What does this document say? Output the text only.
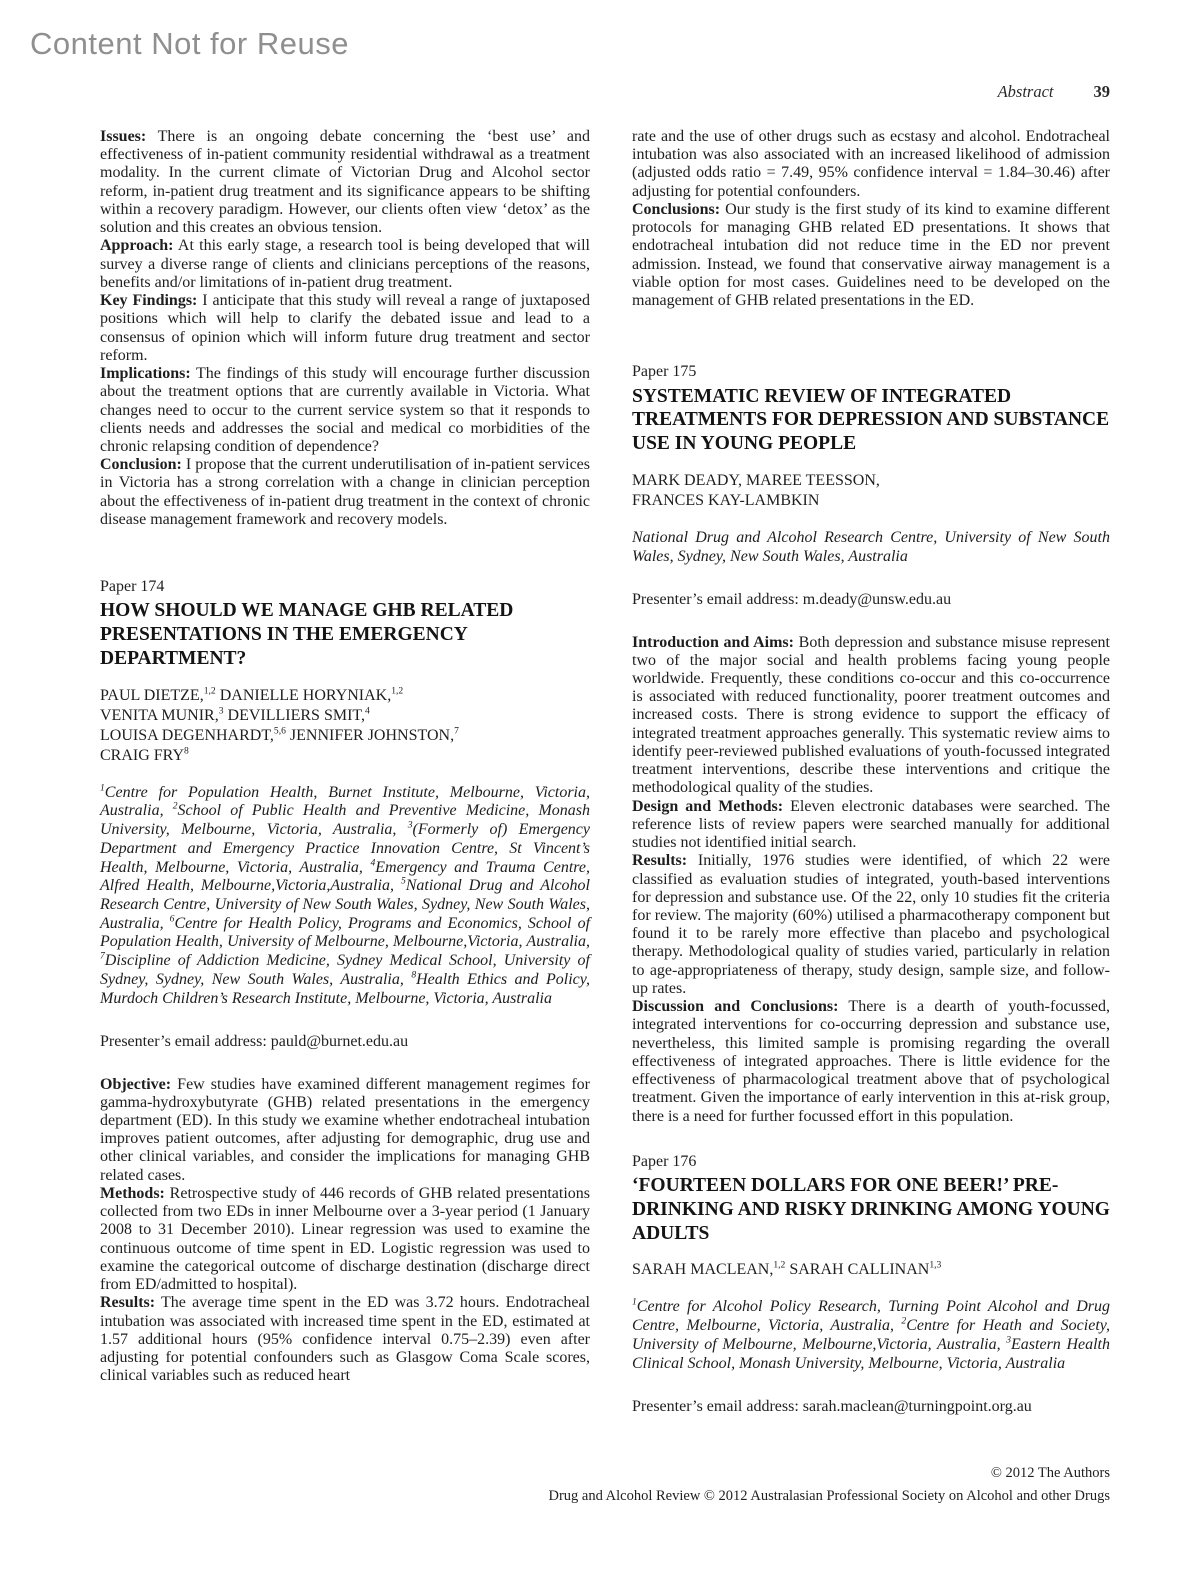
Content Not for Reuse
Abstract 39

Issues: There is an ongoing debate concerning the ‘best use’ and effectiveness of in-patient community residential withdrawal as a treatment modality. In the current climate of Victorian Drug and Alcohol sector reform, in-patient drug treatment and its significance appears to be shifting within a recovery paradigm. However, our clients often view ‘detox’ as the solution and this creates an obvious tension.

Approach: At this early stage, a research tool is being developed that will survey a diverse range of clients and clinicians perceptions of the reasons, benefits and/or limitations of in-patient drug treatment.

Key Findings: I anticipate that this study will reveal a range of juxtaposed positions which will help to clarify the debated issue and lead to a consensus of opinion which will inform future drug treatment and sector reform.

Implications: The findings of this study will encourage further discussion about the treatment options that are currently available in Victoria. What changes need to occur to the current service system so that it responds to clients needs and addresses the social and medical co morbidities of the chronic relapsing condition of dependence?

Conclusion: I propose that the current underutilisation of in-patient services in Victoria has a strong correlation with a change in clinician perception about the effectiveness of in-patient drug treatment in the context of chronic disease management framework and recovery models.

Paper 174

HOW SHOULD WE MANAGE GHB RELATED PRESENTATIONS IN THE EMERGENCY DEPARTMENT?

PAUL DIETZE,$^{1,2}$ DANIELLE HORYNIAK,$^{1,2}$

VENITA MUNIR,$^3$ DEVILLIERS SMIT,$^4$

LOUISA DEGENHARDT,$^{5,6}$ JENNIFER JOHNSTON,$^7$

CRAIG FRY$^8$

$^1$Centre for Population Health, Burnet Institute, Melbourne, Victoria, Australia, $^2$School of Public Health and Preventive Medicine, Monash University, Melbourne, Victoria, Australia, $^3$(Formerly of) Emergency Department and Emergency Practice Innovation Centre, St Vincent’s Health, Melbourne, Victoria, Australia, $^4$Emergency and Trauma Centre, Alfred Health, Melbourne,Victoria,Australia, $^5$National Drug and Alcohol Research Centre, University of New South Wales, Sydney, New South Wales, Australia, $^6$Centre for Health Policy, Programs and Economics, School of Population Health, University of Melbourne, Melbourne,Victoria, Australia, $^7$Discipline of Addiction Medicine, Sydney Medical School, University of Sydney, Sydney, New South Wales, Australia, $^8$Health Ethics and Policy, Murdoch Children’s Research Institute, Melbourne, Victoria, Australia

Presenter’s email address: pauld@burnet.edu.au

Objective: Few studies have examined different management regimes for gamma-hydroxybutyrate (GHB) related presentations in the emergency department (ED). In this study we examine whether endotracheal intubation improves patient outcomes, after adjusting for demographic, drug use and other clinical variables, and consider the implications for managing GHB related cases.

Methods: Retrospective study of 446 records of GHB related presentations collected from two EDs in inner Melbourne over a 3-year period (1 January 2008 to 31 December 2010). Linear regression was used to examine the continuous outcome of time spent in ED. Logistic regression was used to examine the categorical outcome of discharge destination (discharge direct from ED/admitted to hospital).

Results: The average time spent in the ED was 3.72 hours. Endotracheal intubation was associated with increased time spent in the ED, estimated at 1.57 additional hours (95% confidence interval 0.75–2.39) even after adjusting for potential confounders such as Glasgow Coma Scale scores, clinical variables such as reduced heart

rate and the use of other drugs such as ecstasy and alcohol. Endotracheal intubation was also associated with an increased likelihood of admission (adjusted odds ratio = 7.49, 95% confidence interval = 1.84–30.46) after adjusting for potential confounders.

Conclusions: Our study is the first study of its kind to examine different protocols for managing GHB related ED presentations. It shows that endotracheal intubation did not reduce time in the ED nor prevent admission. Instead, we found that conservative airway management is a viable option for most cases. Guidelines need to be developed on the management of GHB related presentations in the ED.

Paper 175

SYSTEMATIC REVIEW OF INTEGRATED TREATMENTS FOR DEPRESSION AND SUBSTANCE USE IN YOUNG PEOPLE

MARK DEADY, MAREE TEESSON,

FRANCES KAY-LAMBKIN

National Drug and Alcohol Research Centre, University of New South Wales, Sydney, New South Wales, Australia

Presenter’s email address: m.deady@unsw.edu.au

Introduction and Aims: Both depression and substance misuse represent two of the major social and health problems facing young people worldwide. Frequently, these conditions co-occur and this co-occurrence is associated with reduced functionality, poorer treatment outcomes and increased costs. There is strong evidence to support the efficacy of integrated treatment approaches generally. This systematic review aims to identify peer-reviewed published evaluations of youth-focussed integrated treatment interventions, describe these interventions and critique the methodological quality of the studies.

Design and Methods: Eleven electronic databases were searched. The reference lists of review papers were searched manually for additional studies not identified initial search.

Results: Initially, 1976 studies were identified, of which 22 were classified as evaluation studies of integrated, youth-based interventions for depression and substance use. Of the 22, only 10 studies fit the criteria for review. The majority (60%) utilised a pharmacotherapy component but found it to be rarely more effective than placebo and psychological therapy. Methodological quality of studies varied, particularly in relation to age-appropriateness of therapy, study design, sample size, and follow-up rates.

Discussion and Conclusions: There is a dearth of youth-focussed, integrated interventions for co-occurring depression and substance use, nevertheless, this limited sample is promising regarding the overall effectiveness of integrated approaches. There is little evidence for the effectiveness of pharmacological treatment above that of psychological treatment. Given the importance of early intervention in this at-risk group, there is a need for further focussed effort in this population.

Paper 176

‘FOURTEEN DOLLARS FOR ONE BEER!’ PRE-DRINKING AND RISKY DRINKING AMONG YOUNG ADULTS

SARAH MACLEAN,$^{1,2}$ SARAH CALLINAN$^{1,3}$

$^1$Centre for Alcohol Policy Research, Turning Point Alcohol and Drug Centre, Melbourne, Victoria, Australia, $^2$Centre for Heath and Society, University of Melbourne, Melbourne,Victoria, Australia, $^3$Eastern Health Clinical School, Monash University, Melbourne, Victoria, Australia

Presenter’s email address: sarah.maclean@turningpoint.org.au

© 2012 The Authors
Drug and Alcohol Review © 2012 Australasian Professional Society on Alcohol and other Drugs
